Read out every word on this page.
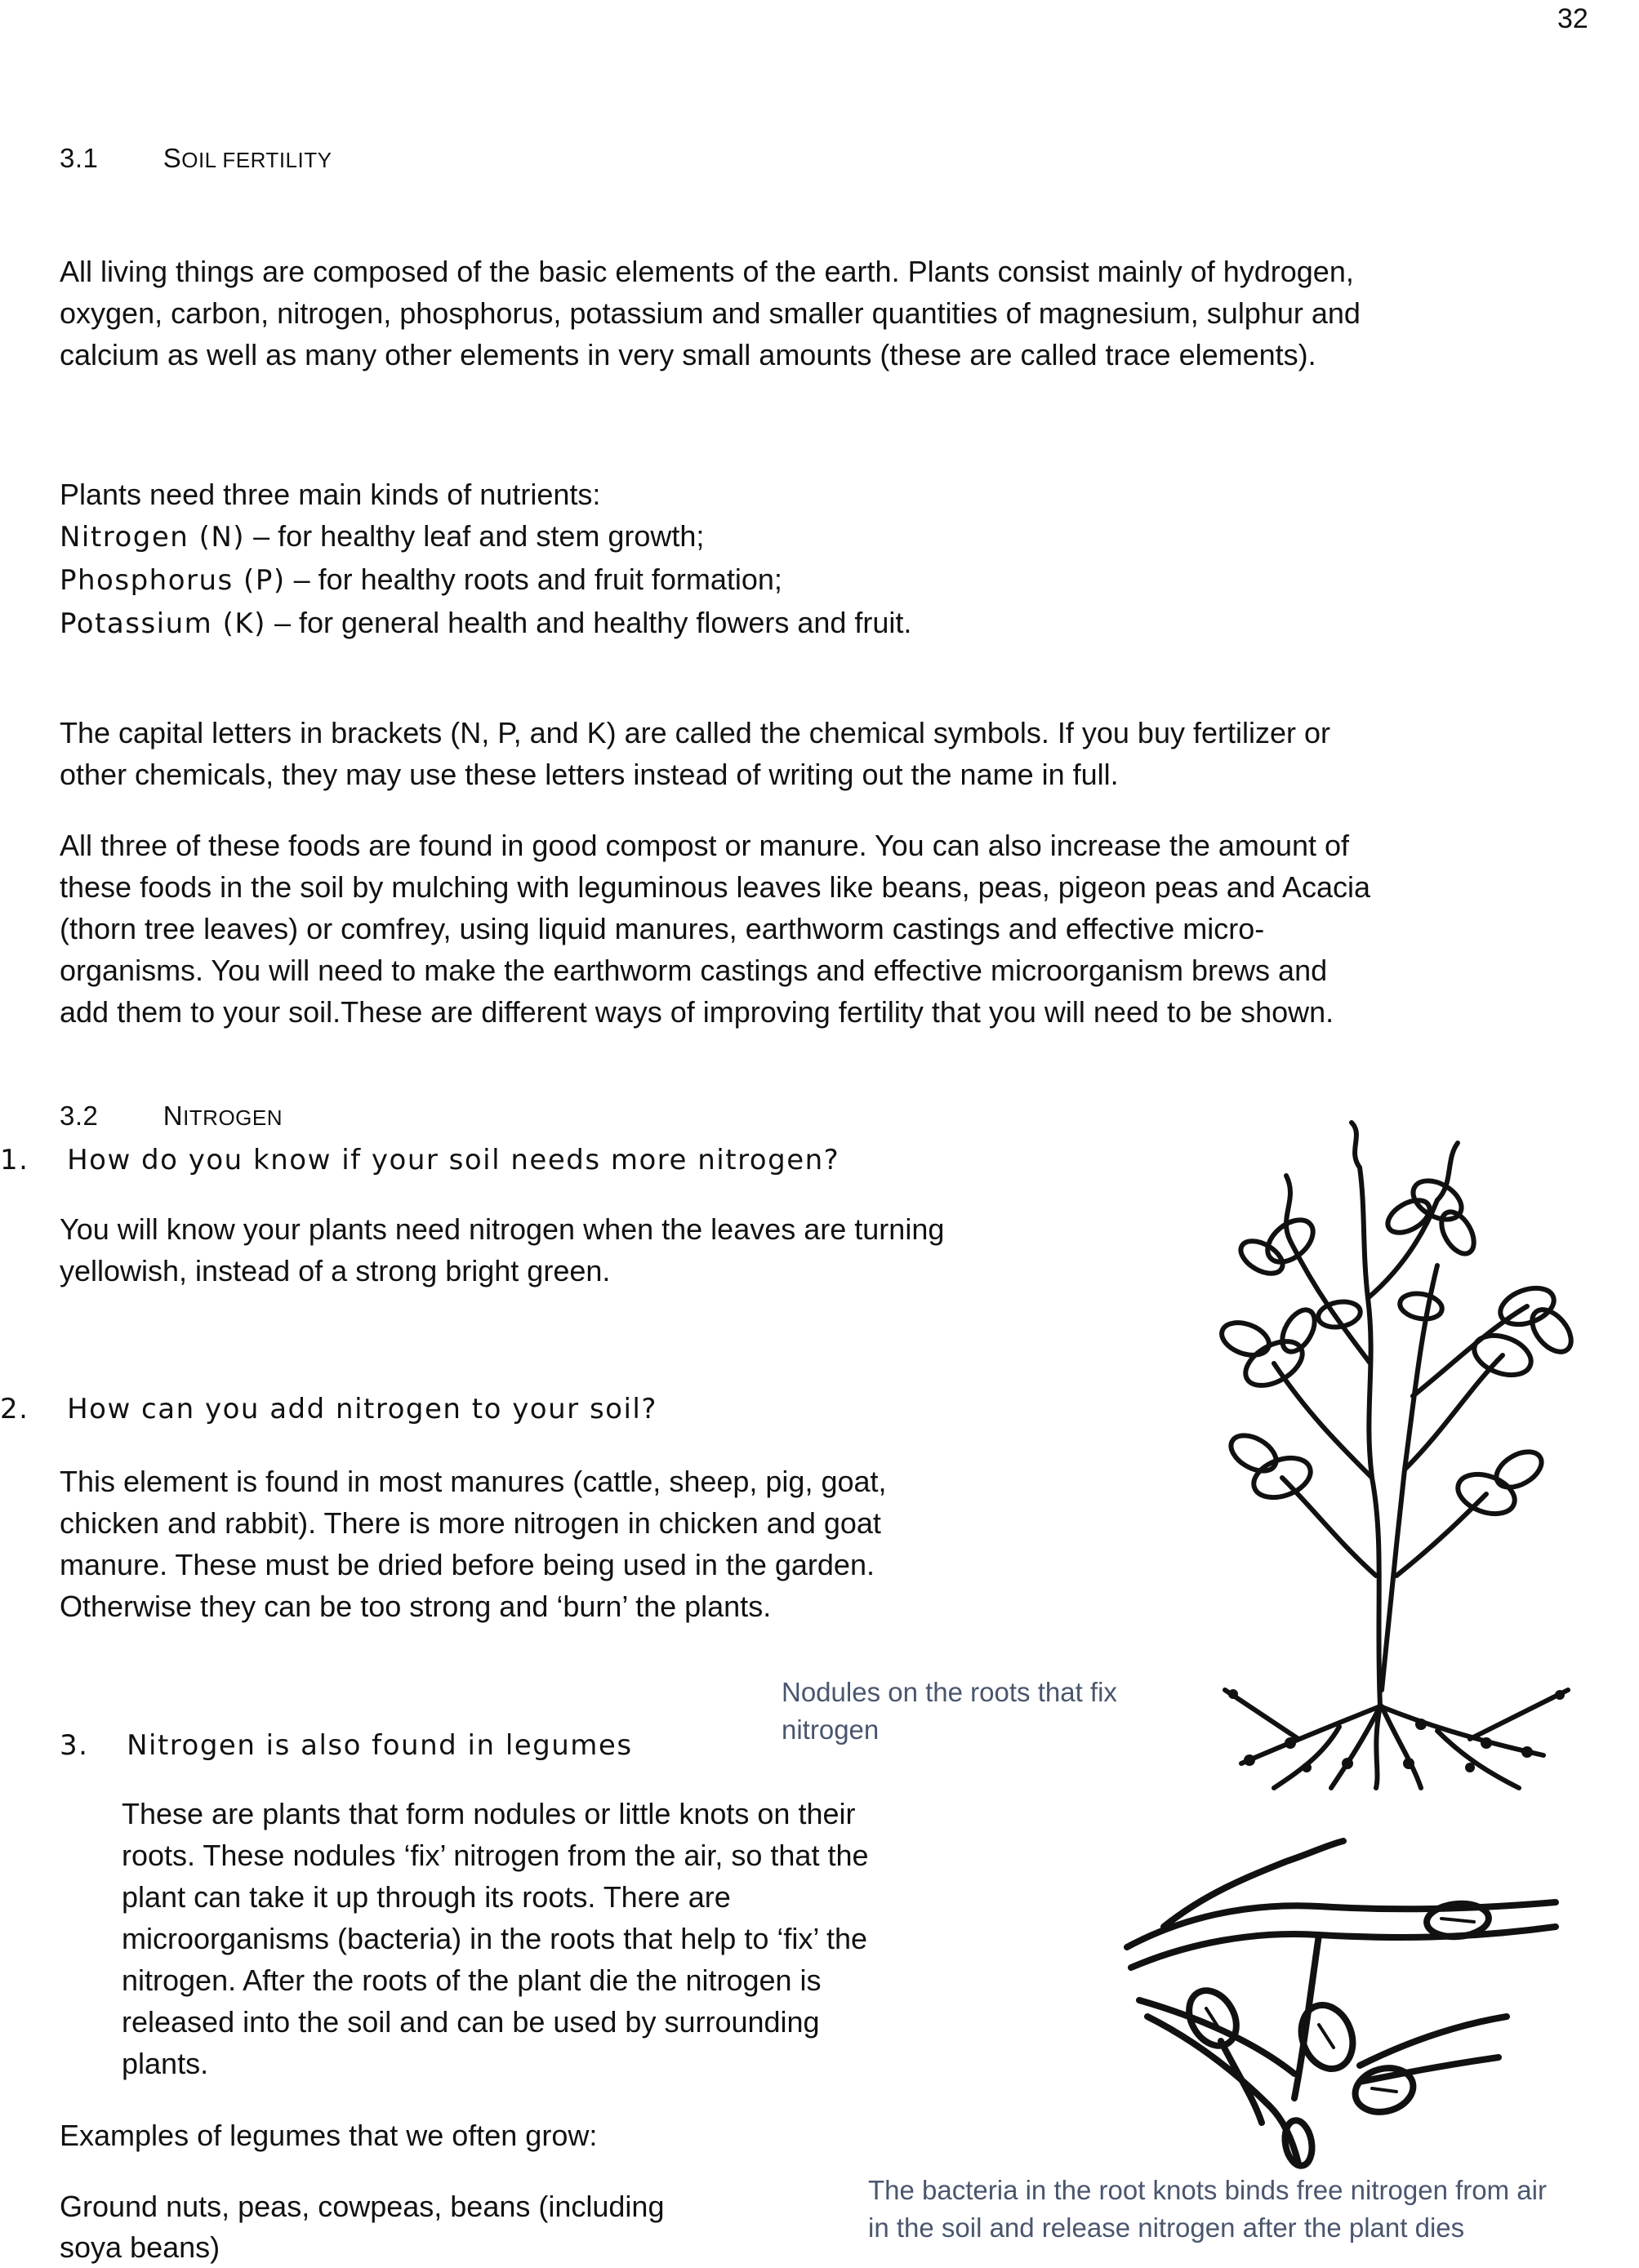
32
3.1 SOIL FERTILITY
All living things are composed of the basic elements of the earth. Plants consist mainly of hydrogen,
oxygen, carbon, nitrogen, phosphorus, potassium and smaller quantities of magnesium, sulphur and
calcium as well as many other elements in very small amounts (these are called trace elements).
Plants need three main kinds of nutrients:
Nitrogen (N) – for healthy leaf and stem growth;
Phosphorus (P) – for healthy roots and fruit formation;
Potassium (K) – for general health and healthy flowers and fruit.
The capital letters in brackets (N, P, and K) are called the chemical symbols. If you buy fertilizer or
other chemicals, they may use these letters instead of writing out the name in full.
All three of these foods are found in good compost or manure. You can also increase the amount of
these foods in the soil by mulching with leguminous leaves like beans, peas, pigeon peas and Acacia
(thorn tree leaves) or comfrey, using liquid manures, earthworm castings and effective micro-
organisms. You will need to make the earthworm castings and effective microorganism brews and
add them to your soil.These are different ways of improving fertility that you will need to be shown.
3.2 NITROGEN
1. How do you know if your soil needs more nitrogen?
You will know your plants need nitrogen when the leaves are turning
yellowish, instead of a strong bright green.
2. How can you add nitrogen to your soil?
This element is found in most manures (cattle, sheep, pig, goat,
chicken and rabbit). There is more nitrogen in chicken and goat
manure. These must be dried before being used in the garden.
Otherwise they can be too strong and ‘burn’ the plants.
Nodules on the roots that fix
nitrogen
3. Nitrogen is also found in legumes
These are plants that form nodules or little knots on their
roots. These nodules ‘fix’ nitrogen from the air, so that the
plant can take it up through its roots. There are
microorganisms (bacteria) in the roots that help to ‘fix’ the
nitrogen. After the roots of the plant die the nitrogen is
released into the soil and can be used by surrounding
plants.
Examples of legumes that we often grow:
Ground nuts, peas, cowpeas, beans (including
soya beans)
The bacteria in the root knots binds free nitrogen from air
in the soil and release nitrogen after the plant dies
